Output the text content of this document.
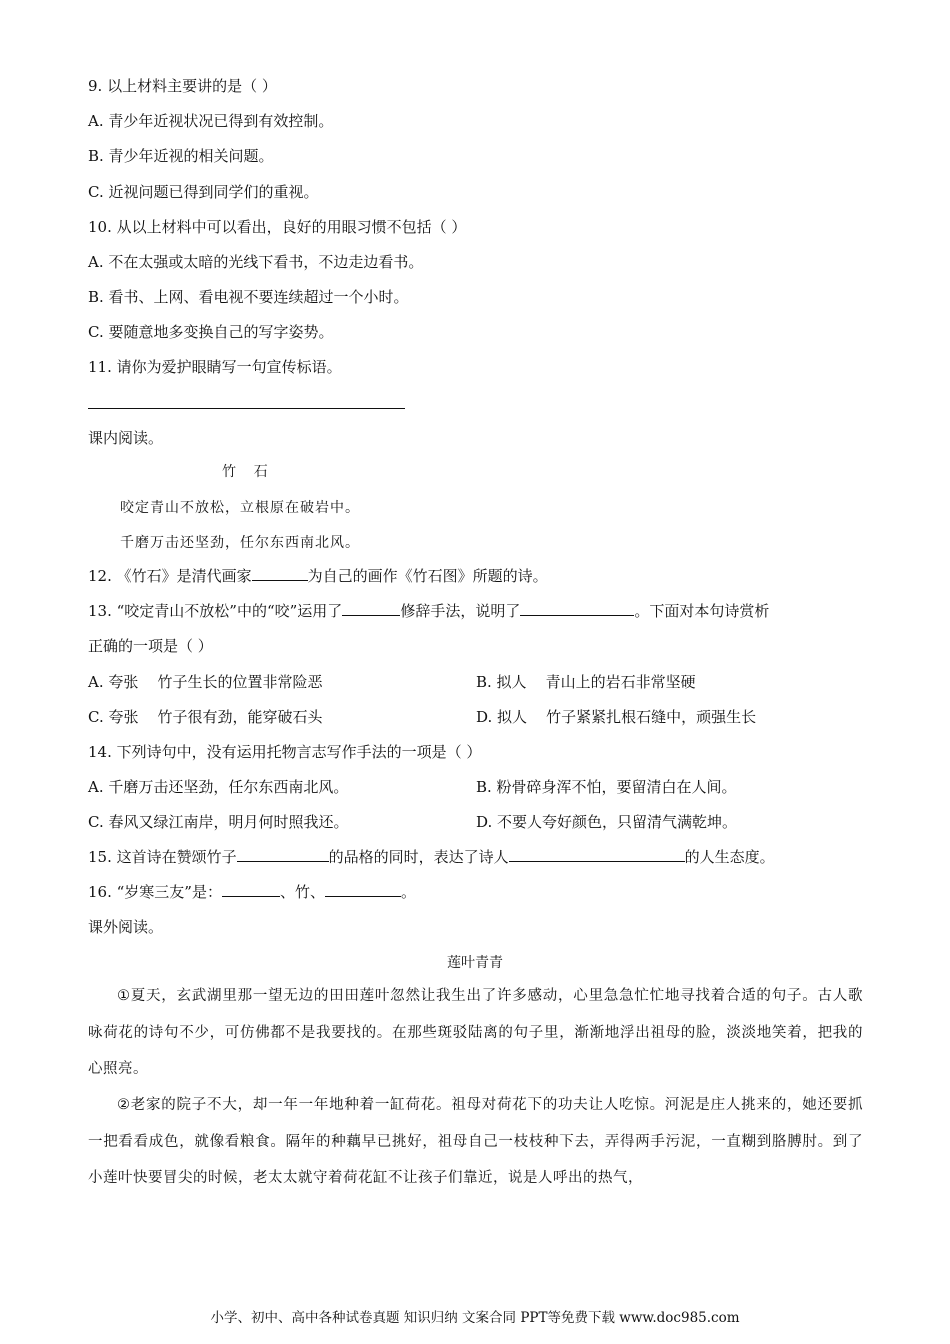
9. 以上材料主要讲的是（ ）
A. 青少年近视状况已得到有效控制。
B. 青少年近视的相关问题。
C. 近视问题已得到同学们的重视。
10. 从以上材料中可以看出，良好的用眼习惯不包括（ ）
A. 不在太强或太暗的光线下看书，不边走边看书。
B. 看书、上网、看电视不要连续超过一个小时。
C. 要随意地多变换自己的写字姿势。
11. 请你为爱护眼睛写一句宣传标语。
课内阅读。
竹    石
咬定青山不放松，立根原在破岩中。
千磨万击还坚劲，任尔东西南北风。
12. 《竹石》是清代画家	为自己的画作《竹石图》所题的诗。
13. “咬定青山不放松”中的“咬”运用了	修辞手法，说明了	。下面对本句诗赏析
正确的一项是（ ）
A. 夸张    竹子生长的位置非常险恶	B. 拟人    青山上的岩石非常坚硬
C. 夸张    竹子很有劲，能穿破石头	D. 拟人    竹子紧紧扎根石缝中，顽强生长
14. 下列诗句中，没有运用托物言志写作手法的一项是（ ）
A. 千磨万击还坚劲，任尔东西南北风。	B. 粉骨碎身浑不怕，要留清白在人间。
C. 春风又绿江南岸，明月何时照我还。	D. 不要人夸好颜色，只留清气满乾坤。
15. 这首诗在赞颂竹子	的品格的同时，表达了诗人	的人生态度。
16. “岁寒三友”是：	、竹、	。
课外阅读。
莲叶青青
①夏天，玄武湖里那一望无边的田田莲叶忽然让我生出了许多感动，心里急急忙忙地寻找着合适的句子。古人歌咏荷花的诗句不少，可仿佛都不是我要找的。在那些斑驳陆离的句子里，渐渐地浮出祖母的脸，淡淡地笑着，把我的心照亮。
②老家的院子不大，却一年一年地种着一缸荷花。祖母对荷花下的功夫让人吃惊。河泥是庄人挑来的，她还要抓一把看看成色，就像看粮食。隔年的种藕早已挑好，祖母自己一枝枝种下去，弄得两手污泥，一直糊到胳膊肘。到了小莲叶快要冒尖的时候，老太太就守着荷花缸不让孩子们靠近，说是人呼出的热气，
小学、初中、高中各种试卷真题 知识归纳 文案合同 PPT等免费下载 www.doc985.com
